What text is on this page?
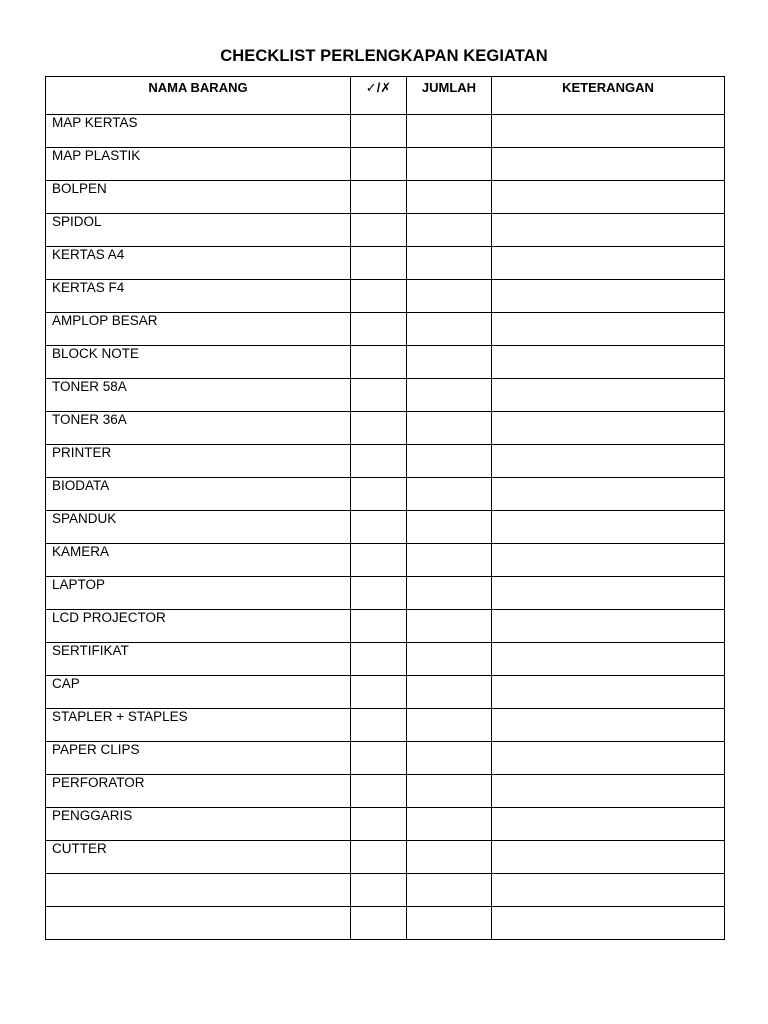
CHECKLIST PERLENGKAPAN KEGIATAN
NAMA BARANG	✓/✗	JUMLAH	KETERANGAN
MAP KERTAS			
MAP PLASTIK			
BOLPEN			
SPIDOL			
KERTAS A4			
KERTAS F4			
AMPLOP BESAR			
BLOCK NOTE			
TONER 58A			
TONER 36A			
PRINTER			
BIODATA			
SPANDUK			
KAMERA			
LAPTOP			
LCD PROJECTOR			
SERTIFIKAT			
CAP			
STAPLER + STAPLES			
PAPER CLIPS			
PERFORATOR			
PENGGARIS			
CUTTER			
